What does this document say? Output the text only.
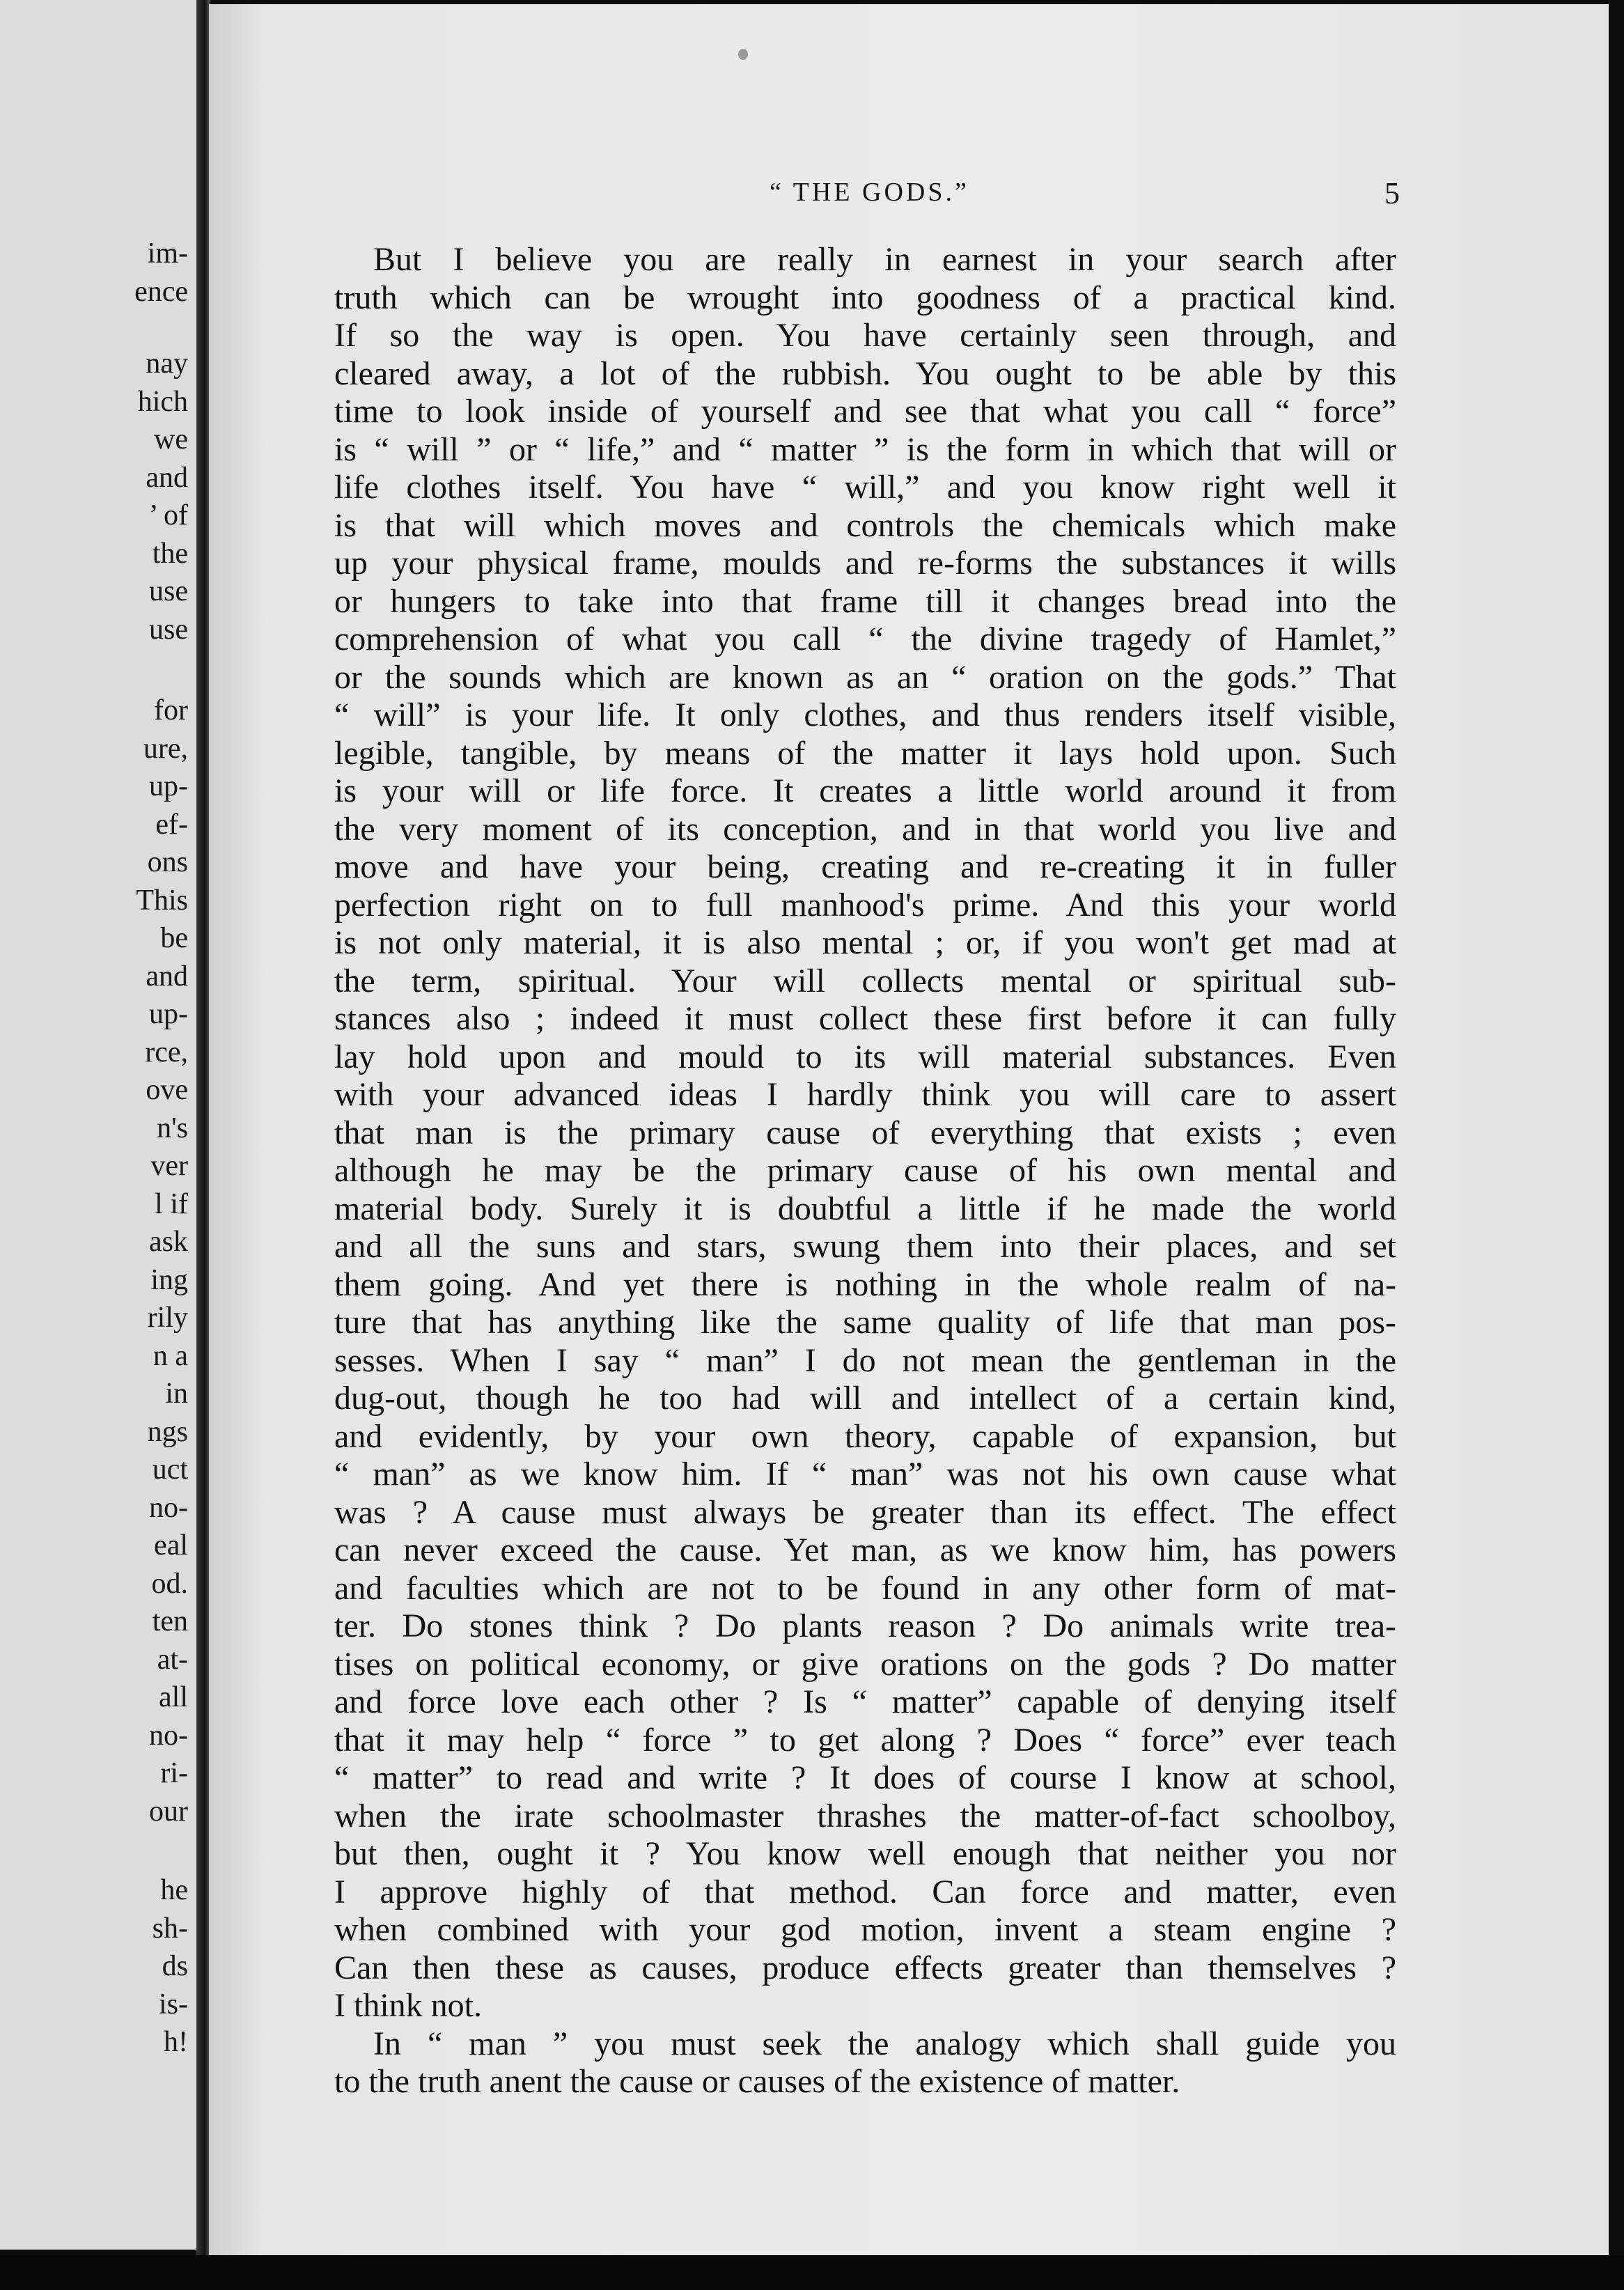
im-
ence
nay
hich
we
and
’ of
the
use
use
for
ure,
up-
ef-
ons
This
be
and
up-
rce,
ove
n's
ver
l if
ask
ing
rily
n a
in
ngs
uct
no-
eal
od.
ten
at-
all
no-
ri-
our
he
sh-
ds
is-
h!
“ THE GODS.”	5
But I believe you are really in earnest in your search after
truth which can be wrought into goodness of a practical kind.
If so the way is open. You have certainly seen through, and
cleared away, a lot of the rubbish. You ought to be able by this
time to look inside of yourself and see that what you call “ force”
is “ will ” or “ life,” and “ matter ” is the form in which that will or
life clothes itself. You have “ will,” and you know right well it
is that will which moves and controls the chemicals which make
up your physical frame, moulds and re-forms the substances it wills
or hungers to take into that frame till it changes bread into the
comprehension of what you call “ the divine tragedy of Hamlet,”
or the sounds which are known as an “ oration on the gods.” That
“ will” is your life. It only clothes, and thus renders itself visible,
legible, tangible, by means of the matter it lays hold upon. Such
is your will or life force. It creates a little world around it from
the very moment of its conception, and in that world you live and
move and have your being, creating and re-creating it in fuller
perfection right on to full manhood's prime. And this your world
is not only material, it is also mental ; or, if you won't get mad at
the term, spiritual. Your will collects mental or spiritual sub-
stances also ; indeed it must collect these first before it can fully
lay hold upon and mould to its will material substances. Even
with your advanced ideas I hardly think you will care to assert
that man is the primary cause of everything that exists ; even
although he may be the primary cause of his own mental and
material body. Surely it is doubtful a little if he made the world
and all the suns and stars, swung them into their places, and set
them going. And yet there is nothing in the whole realm of na-
ture that has anything like the same quality of life that man pos-
sesses. When I say “ man” I do not mean the gentleman in the
dug-out, though he too had will and intellect of a certain kind,
and evidently, by your own theory, capable of expansion, but
“ man” as we know him. If “ man” was not his own cause what
was ? A cause must always be greater than its effect. The effect
can never exceed the cause. Yet man, as we know him, has powers
and faculties which are not to be found in any other form of mat-
ter. Do stones think ? Do plants reason ? Do animals write trea-
tises on political economy, or give orations on the gods ? Do matter
and force love each other ? Is “ matter” capable of denying itself
that it may help “ force ” to get along ? Does “ force” ever teach
“ matter” to read and write ? It does of course I know at school,
when the irate schoolmaster thrashes the matter-of-fact schoolboy,
but then, ought it ? You know well enough that neither you nor
I approve highly of that method. Can force and matter, even
when combined with your god motion, invent a steam engine ?
Can then these as causes, produce effects greater than themselves ?
I think not.
In “ man ” you must seek the analogy which shall guide you
to the truth anent the cause or causes of the existence of matter.
